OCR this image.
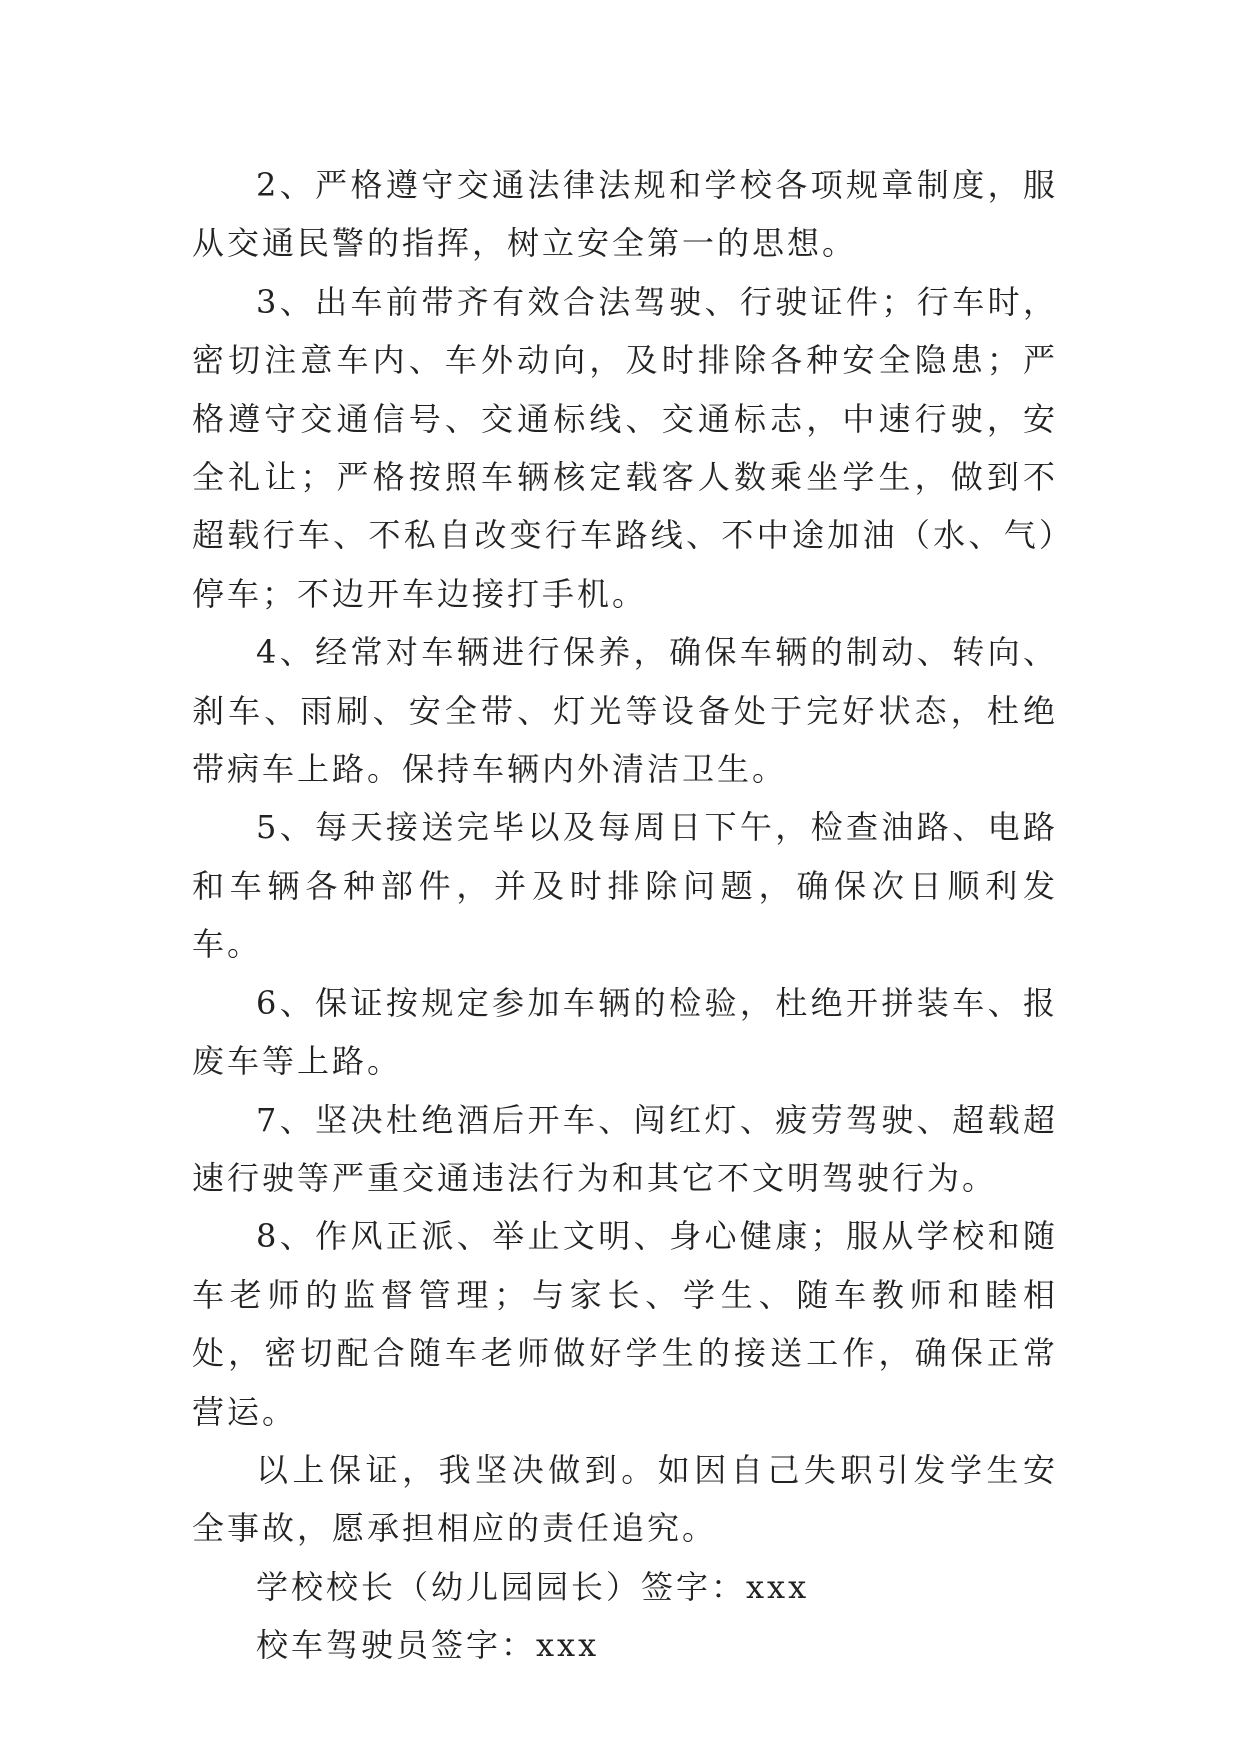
2、严格遵守交通法律法规和学校各项规章制度，服从交通民警的指挥，树立安全第一的思想。

3、出车前带齐有效合法驾驶、行驶证件；行车时，密切注意车内、车外动向，及时排除各种安全隐患；严格遵守交通信号、交通标线、交通标志，中速行驶，安全礼让；严格按照车辆核定载客人数乘坐学生，做到不超载行车、不私自改变行车路线、不中途加油（水、气）停车；不边开车边接打手机。

4、经常对车辆进行保养，确保车辆的制动、转向、刹车、雨刷、安全带、灯光等设备处于完好状态，杜绝带病车上路。保持车辆内外清洁卫生。

5、每天接送完毕以及每周日下午，检查油路、电路和车辆各种部件，并及时排除问题，确保次日顺利发车。

6、保证按规定参加车辆的检验，杜绝开拼装车、报废车等上路。

7、坚决杜绝酒后开车、闯红灯、疲劳驾驶、超载超速行驶等严重交通违法行为和其它不文明驾驶行为。

8、作风正派、举止文明、身心健康；服从学校和随车老师的监督管理；与家长、学生、随车教师和睦相处，密切配合随车老师做好学生的接送工作，确保正常营运。

以上保证，我坚决做到。如因自己失职引发学生安全事故，愿承担相应的责任追究。

学校校长（幼儿园园长）签字：xxx

校车驾驶员签字：xxx
